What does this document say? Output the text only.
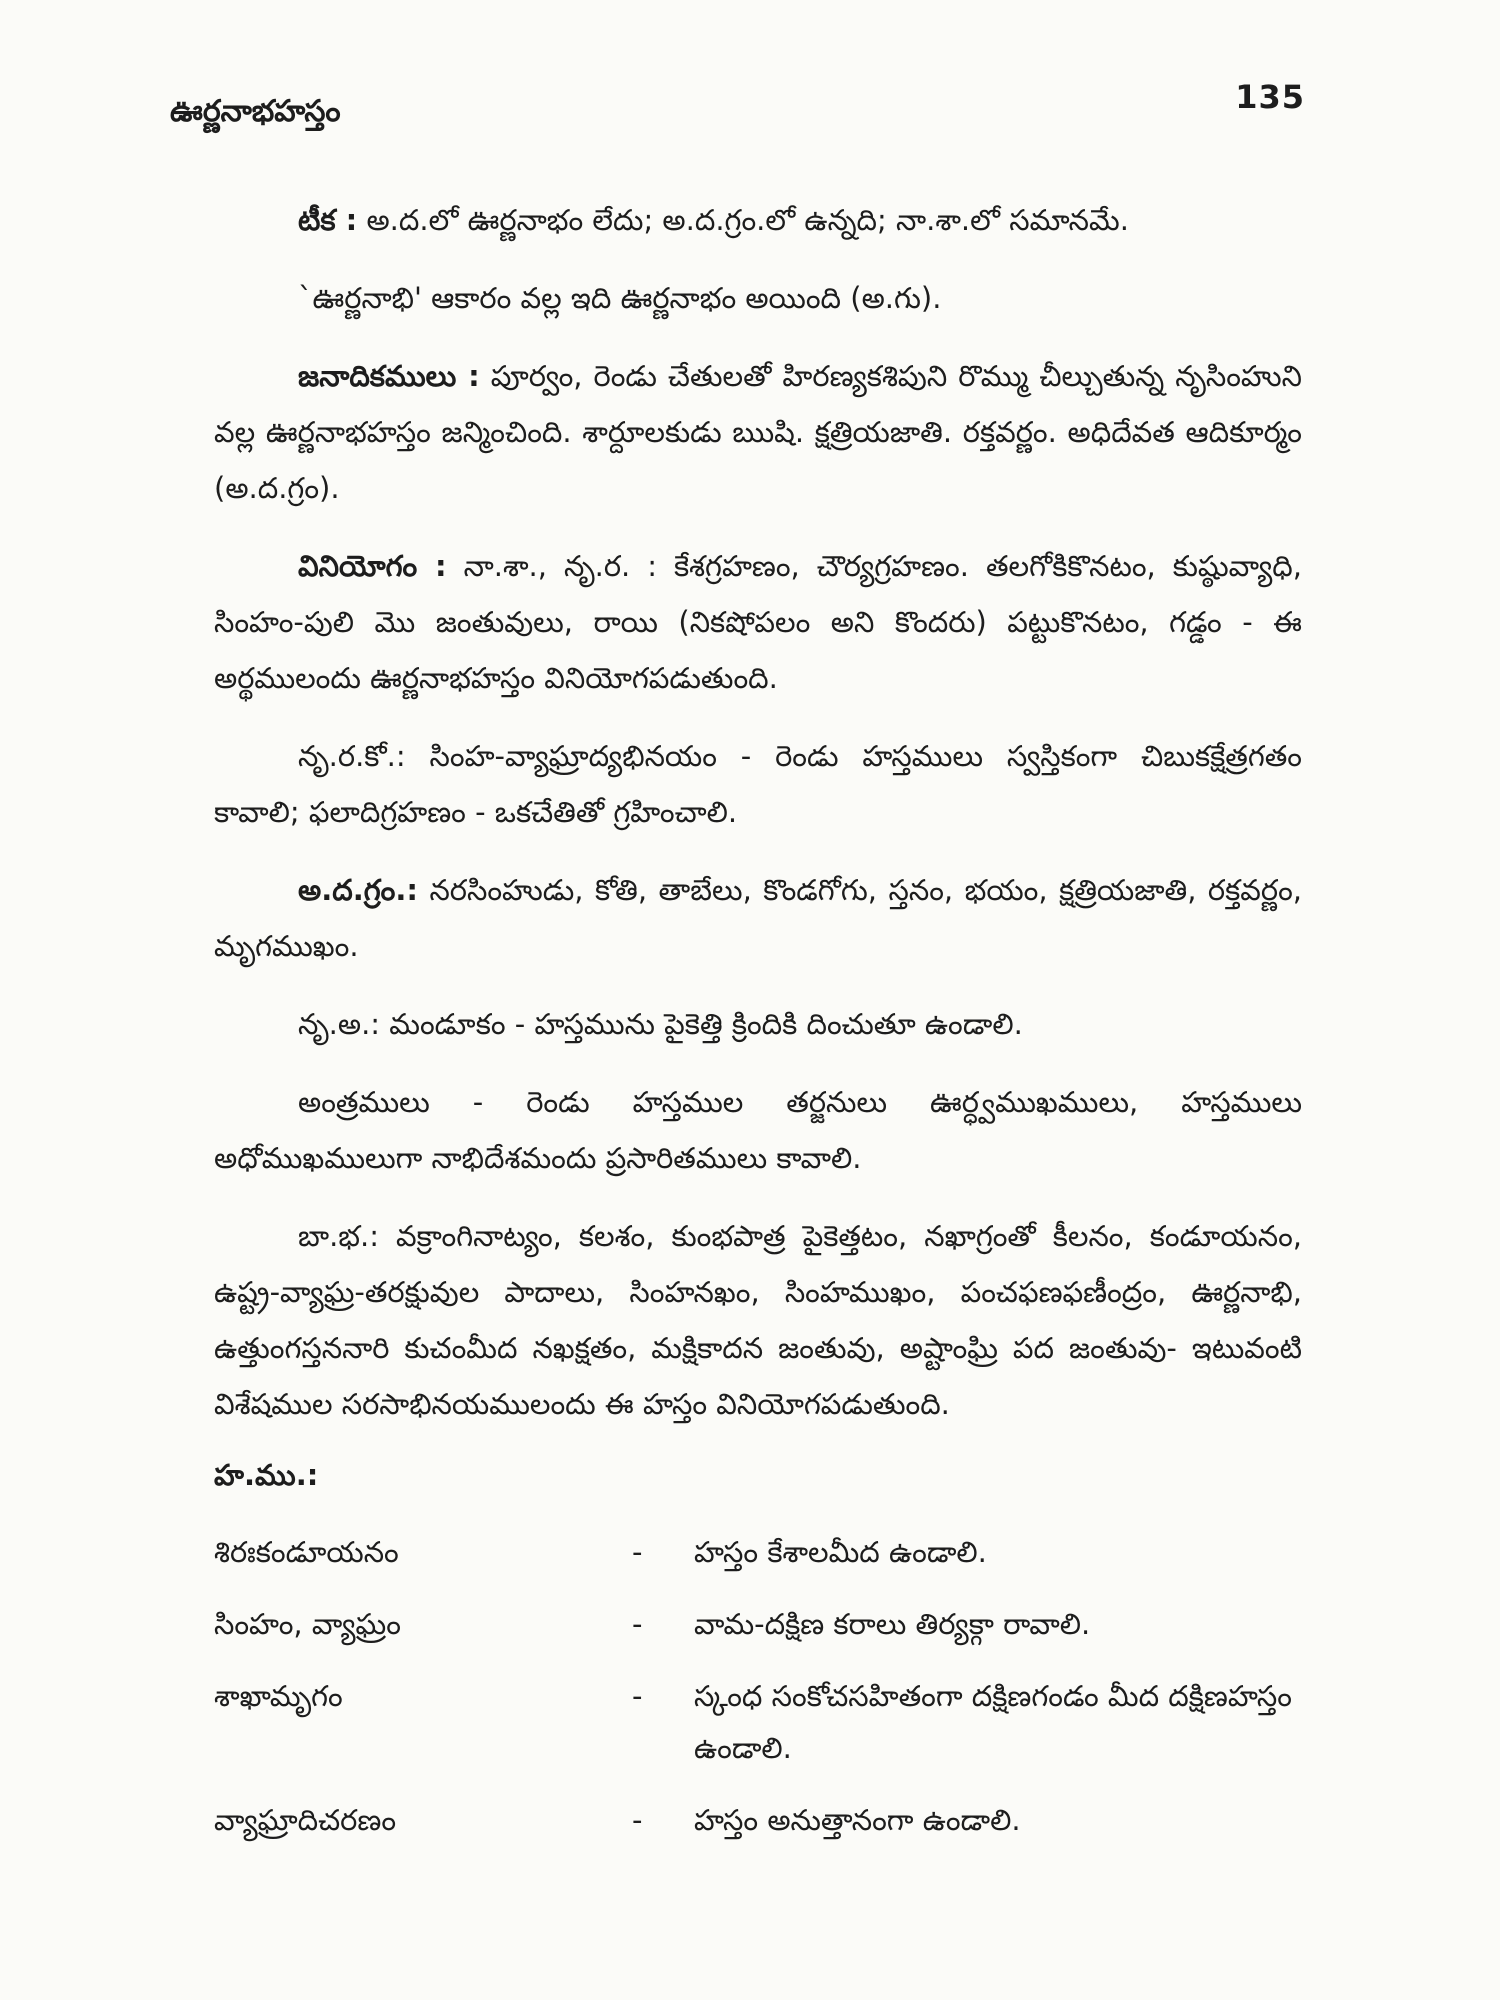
ఊర్ణనాభహస్తం	135

టీక : అ.ద.లో ఊర్ణనాభం లేదు; అ.ద.గ్రం.లో ఉన్నది; నా.శా.లో సమానమే.

`ఊర్ణనాభి' ఆకారం వల్ల ఇది ఊర్ణనాభం అయింది (అ.గు).

జనాదికములు : పూర్వం, రెండు చేతులతో హిరణ్యకశిపుని రొమ్ము చీల్చుతున్న నృసింహుని వల్ల ఊర్ణనాభహస్తం జన్మించింది. శార్దూలకుడు ఋషి. క్షత్రియజాతి. రక్తవర్ణం. అధిదేవత ఆదికూర్మం (అ.ద.గ్రం).

వినియోగం : నా.శా., నృ.ర. : కేశగ్రహణం, చౌర్యగ్రహణం. తలగోకికొనటం, కుష్ఠువ్యాధి, సింహం-పులి మొ జంతువులు, రాయి (నికషోపలం అని కొందరు) పట్టుకొనటం, గడ్డం - ఈ అర్థములందు ఊర్ణనాభహస్తం వినియోగపడుతుంది.

నృ.ర.కో.: సింహ-వ్యాఘ్రాద్యభినయం - రెండు హస్తములు స్వస్తికంగా చిబుకక్షేత్రగతం కావాలి; ఫలాదిగ్రహణం - ఒకచేతితో గ్రహించాలి.

అ.ద.గ్రం.: నరసింహుడు, కోతి, తాబేలు, కొండగోగు, స్తనం, భయం, క్షత్రియజాతి, రక్తవర్ణం, మృగముఖం.

నృ.అ.: మండూకం - హస్తమును పైకెత్తి క్రిందికి దించుతూ ఉండాలి.

అంత్రములు - రెండు హస్తముల తర్జనులు ఊర్ధ్వముఖములు, హస్తములు అధోముఖములుగా నాభిదేశమందు ప్రసారితములు కావాలి.

బా.భ.: వక్రాంగినాట్యం, కలశం, కుంభపాత్ర పైకెత్తటం, నఖాగ్రంతో కీలనం, కండూయనం, ఉష్ట్ర-వ్యాఘ్ర-తరక్షువుల పాదాలు, సింహనఖం, సింహముఖం, పంచఫణఫణీంద్రం, ఊర్ణనాభి, ఉత్తుంగస్తననారి కుచంమీద నఖక్షతం, మక్షికాదన జంతువు, అష్టాంఘ్రి పద జంతువు- ఇటువంటి విశేషముల సరసాభినయములందు ఈ హస్తం వినియోగపడుతుంది.

హ.ము.:
శిరఃకండూయనం	-	హస్తం కేశాలమీద ఉండాలి.
సింహం, వ్యాఘ్రం	-	వామ-దక్షిణ కరాలు తిర్యక్గా రావాలి.
శాఖామృగం	-	స్కంధ సంకోచసహితంగా దక్షిణగండం మీద దక్షిణహస్తం ఉండాలి.
వ్యాఘ్రాదిచరణం	-	హస్తం అనుత్తానంగా ఉండాలి.
